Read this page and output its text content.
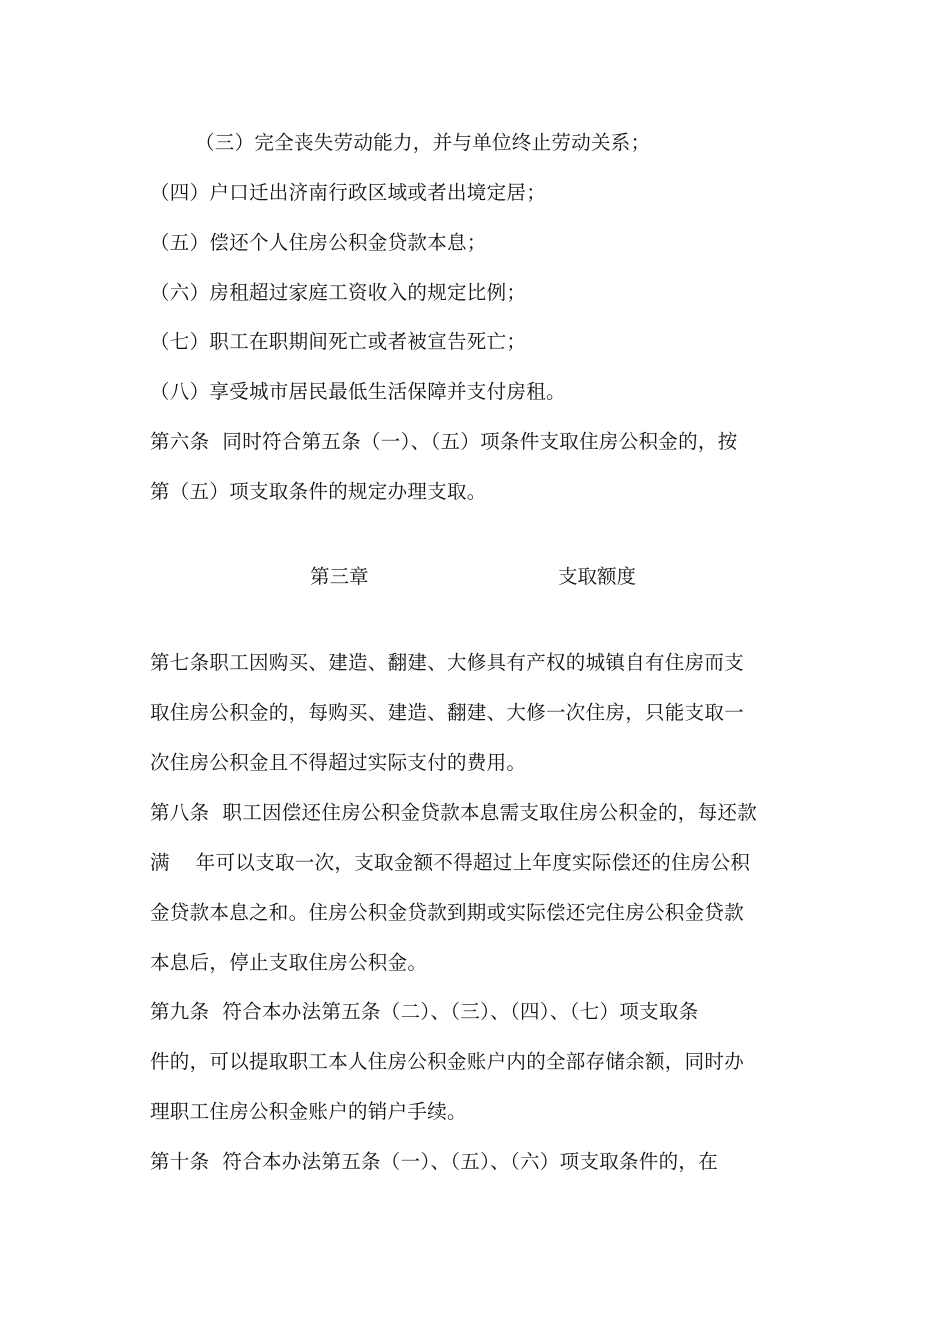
（三）完全丧失劳动能力，并与单位终止劳动关系；
（四）户口迁出济南行政区域或者出境定居；
（五）偿还个人住房公积金贷款本息；
（六）房租超过家庭工资收入的规定比例；
（七）职工在职期间死亡或者被宣告死亡；
（八）享受城市居民最低生活保障并支付房租。
第六条  同时符合第五条（一）、（五）项条件支取住房公积金的，按
第（五）项支取条件的规定办理支取。
第三章	支取额度
第七条职工因购买、建造、翻建、大修具有产权的城镇自有住房而支
取住房公积金的，每购买、建造、翻建、大修一次住房，只能支取一
次住房公积金且不得超过实际支付的费用。
第八条  职工因偿还住房公积金贷款本息需支取住房公积金的，每还款
满    年可以支取一次，支取金额不得超过上年度实际偿还的住房公积
金贷款本息之和。住房公积金贷款到期或实际偿还完住房公积金贷款
本息后，停止支取住房公积金。
第九条  符合本办法第五条（二）、（三）、（四）、（七）项支取条
件的，可以提取职工本人住房公积金账户内的全部存储余额，同时办
理职工住房公积金账户的销户手续。
第十条  符合本办法第五条（一）、（五）、（六）项支取条件的，在
